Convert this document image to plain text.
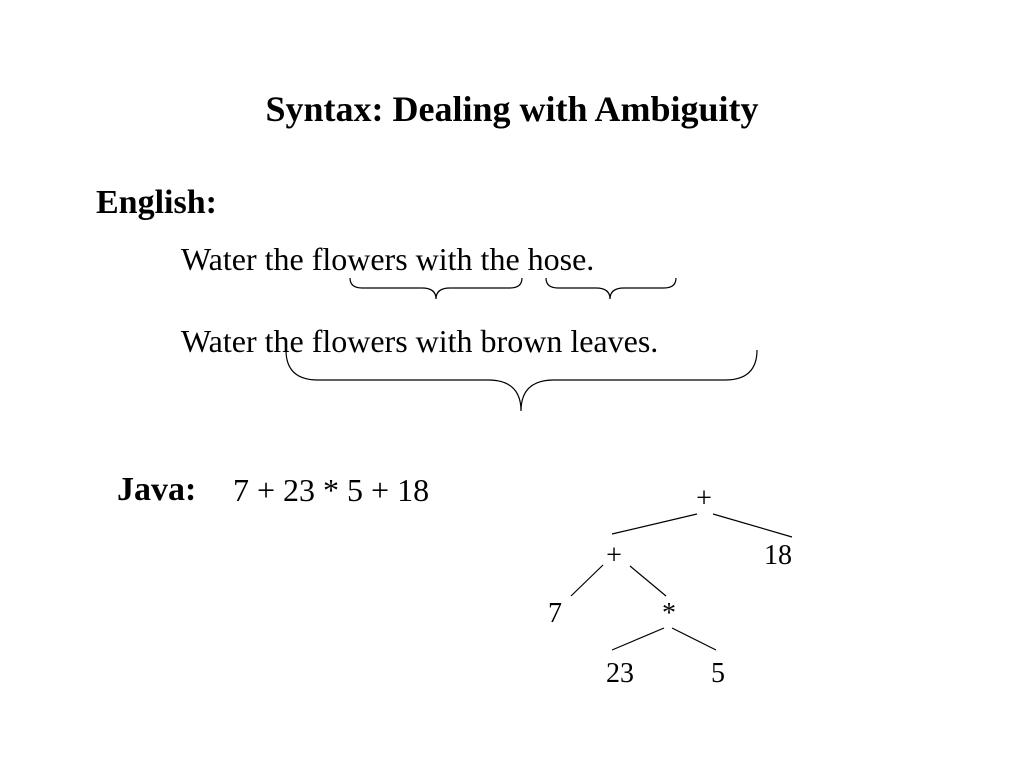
Syntax: Dealing with Ambiguity
English:
Water the flowers with the hose.
Water the flowers with brown leaves.
Java: 7 + 23 * 5 + 18	+
+	18
7	*
23	5
